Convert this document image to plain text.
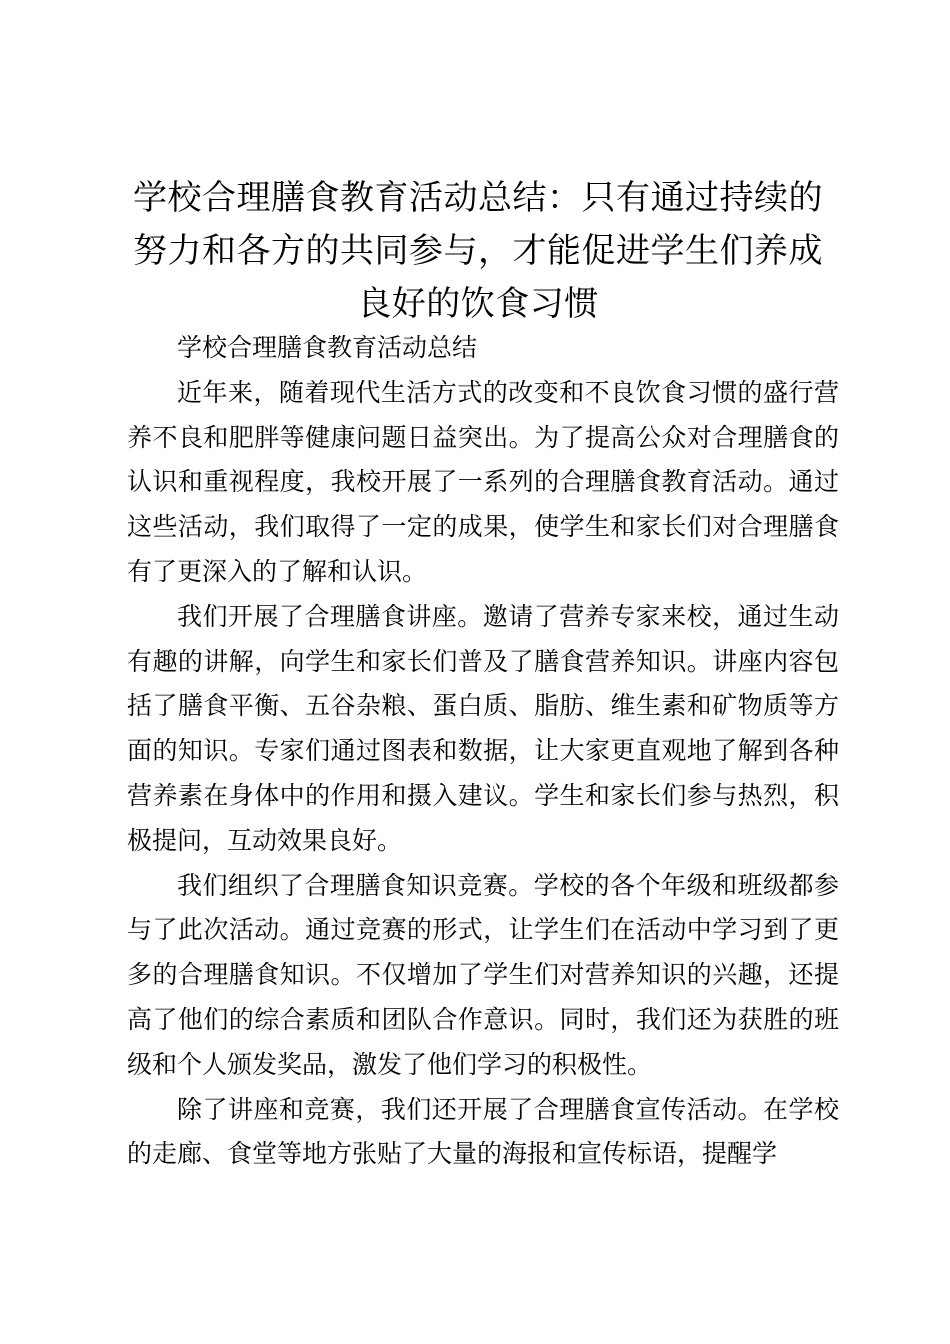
学校合理膳食教育活动总结：只有通过持续的努力和各方的共同参与，才能促进学生们养成良好的饮食习惯

学校合理膳食教育活动总结

近年来，随着现代生活方式的改变和不良饮食习惯的盛行营养不良和肥胖等健康问题日益突出。为了提高公众对合理膳食的认识和重视程度，我校开展了一系列的合理膳食教育活动。通过这些活动，我们取得了一定的成果，使学生和家长们对合理膳食有了更深入的了解和认识。

我们开展了合理膳食讲座。邀请了营养专家来校，通过生动有趣的讲解，向学生和家长们普及了膳食营养知识。讲座内容包括了膳食平衡、五谷杂粮、蛋白质、脂肪、维生素和矿物质等方面的知识。专家们通过图表和数据，让大家更直观地了解到各种营养素在身体中的作用和摄入建议。学生和家长们参与热烈，积极提问，互动效果良好。

我们组织了合理膳食知识竞赛。学校的各个年级和班级都参与了此次活动。通过竞赛的形式，让学生们在活动中学习到了更多的合理膳食知识。不仅增加了学生们对营养知识的兴趣，还提高了他们的综合素质和团队合作意识。同时，我们还为获胜的班级和个人颁发奖品，激发了他们学习的积极性。

除了讲座和竞赛，我们还开展了合理膳食宣传活动。在学校的走廊、食堂等地方张贴了大量的海报和宣传标语，提醒学
